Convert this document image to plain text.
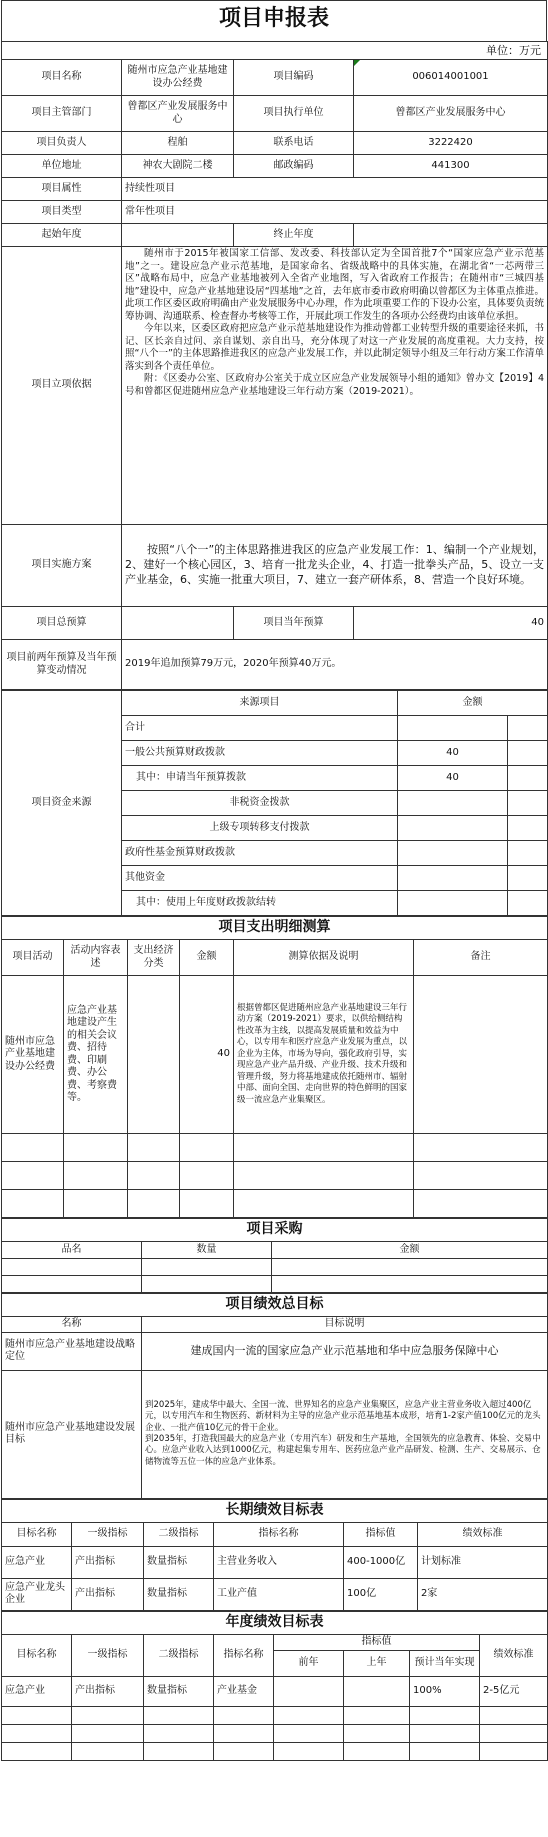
项目申报表
单位：万元			
项目名称	随州市应急产业基地建设办公经费	项目编码	006014001001
项目主管部门	曾都区产业发展服务中心	项目执行单位	曾都区产业发展服务中心
项目负责人	程舶	联系电话	3222420
单位地址	神农大剧院二楼	邮政编码	441300
项目属性	持续性项目		
项目类型	常年性项目		
起始年度		终止年度	
项目立项依据	随州市于2015年被国家工信部、发改委、科技部认定为全国首批7个“国家应急产业示范基地”之一。建设应急产业示范基地，是国家命名、省级战略中的具体实施，在湖北省“一芯两带三区”战略布局中，应急产业基地被列入全省产业地图，写入省政府工作报告；在随州市“三城四基地”建设中，应急产业基地建设居“四基地”之首，去年底市委市政府明确以曾都区为主体重点推进。此项工作区委区政府明确由产业发展服务中心办理，作为此项重要工作的下设办公室，具体要负责统筹协调、沟通联系、检查督办考核等工作，开展此项工作发生的各项办公经费均由该单位承担。
今年以来，区委区政府把应急产业示范基地建设作为推动曾都工业转型升级的重要途径来抓，书记、区长亲自过问、亲自谋划、亲自出马，充分体现了对这一产业发展的高度重视。大力支持，按照“八个一”的主体思路推进我区的应急产业发展工作，并以此制定领导小组及三年行动方案工作清单落实到各个责任单位。
附：《区委办公室、区政府办公室关于成立区应急产业发展领导小组的通知》曾办文【2019】4号和曾都区促进随州应急产业基地建设三年行动方案（2019-2021）。		

项目实施方案	按照“八个一”的主体思路推进我区的应急产业发展工作：1、编制一个产业规划，2、建好一个核心园区，3、培育一批龙头企业，4、打造一批拳头产品，5、设立一支产业基金，6、实施一批重大项目，7、建立一套产研体系，8、营造一个良好环境。		
项目总预算		项目当年预算	40
项目前两年预算及当年预算变动情况	2019年追加预算79万元，2020年预算40万元。		
项目资金来源	来源项目	金额	
	合计		
	一般公共预算财政拨款	40	
	其中：申请当年预算拨款	40	
	非税资金拨款		
	上级专项转移支付拨款		
	政府性基金预算财政拨款		
	其他资金		
	其中：使用上年度财政拨款结转		
项目支出明细测算					
项目活动	活动内容表述	支出经济分类	金额	测算依据及说明	备注
随州市应急产业基地建设办公经费	应急产业基地建设产生的相关会议费、招待费、印刷费、办公费、考察费等。		40	根据曾都区促进随州应急产业基地建设三年行动方案（2019-2021）要求，以供给侧结构性改革为主线，以提高发展质量和效益为中心，以专用车和医疗应急产业发展为重点，以企业为主体，市场为导向，强化政府引导，实现应急产业产品升级、产业升级、技术升级和管理升级，努力将基地建成依托随州市、辐射中部、面向全国、走向世界的特色鲜明的国家级一流应急产业集聚区。	

项目采购		
品名	数量	金额

项目绩效总目标	
名称	目标说明
随州市应急产业基地建设战略定位	建成国内一流的国家应急产业示范基地和华中应急服务保障中心
随州市应急产业基地建设发展目标	到2025年，建成华中最大、全国一流、世界知名的应急产业集聚区，应急产业主营业务收入超过400亿元，以专用汽车和生物医药、新材料为主导的应急产业示范基地基本成形，培育1-2家产值100亿元的龙头企业、一批产值10亿元的骨干企业。
到2035年，打造我国最大的应急产业（专用汽车）研发和生产基地，全国领先的应急教育、体验、交易中心。应急产业收入达到1000亿元，构建起集专用车、医药应急产业产品研发、检测、生产、交易展示、仓储物流等五位一体的应急产业体系。
长期绩效目标表					
目标名称	一级指标	二级指标	指标名称	指标值	绩效标准
应急产业	产出指标	数量指标	主营业务收入	400-1000亿	计划标准
应急产业龙头企业	产出指标	数量指标	工业产值	100亿	2家
年度绩效目标表							
目标名称	一级指标	二级指标	指标名称	指标值			绩效标准
				前年	上年	预计当年实现	
应急产业	产出指标	数量指标	产业基金			100%	2-5亿元
